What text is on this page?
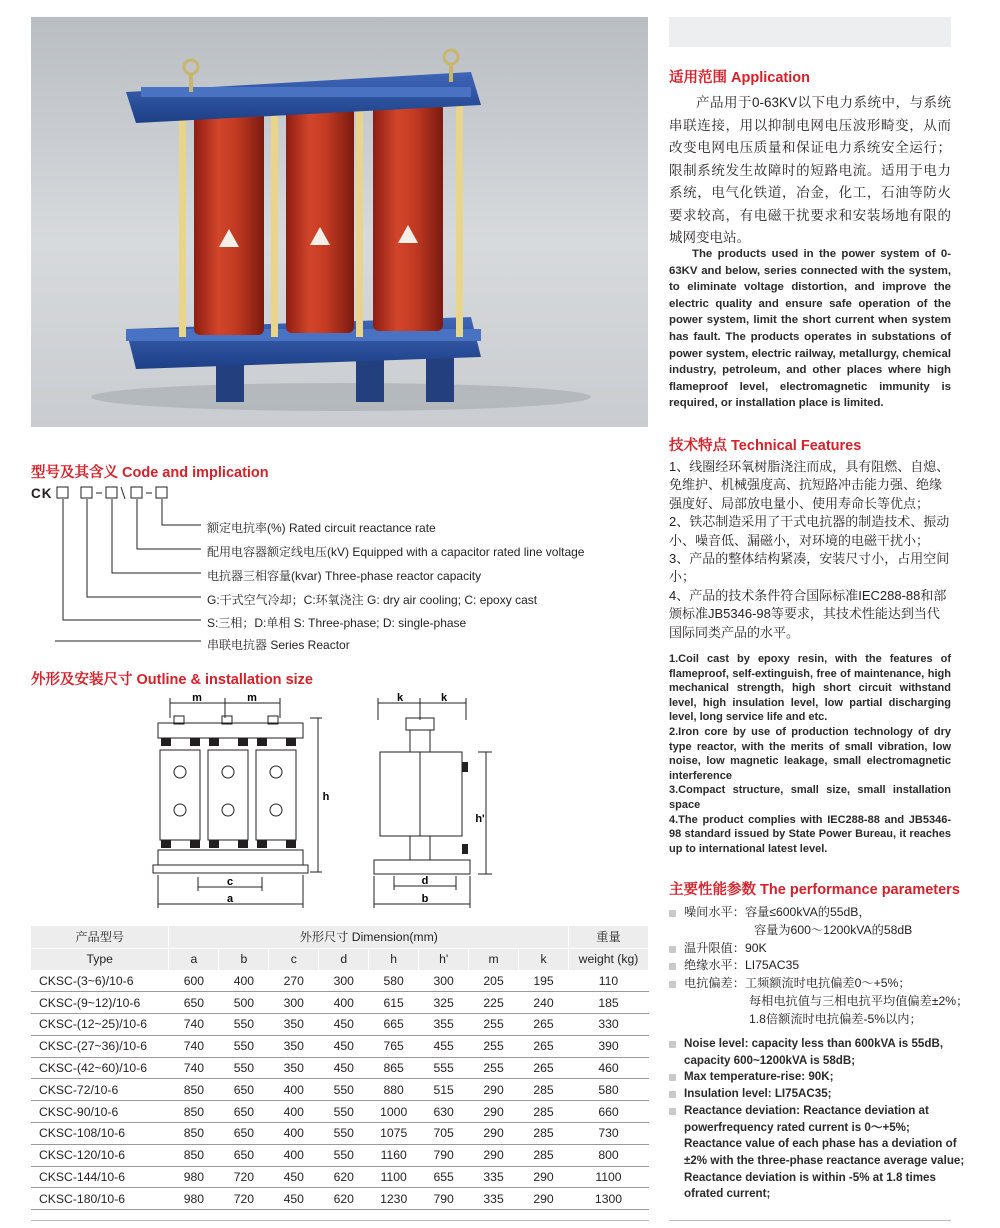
适用范围 Application
产品用于0-63KV以下电力系统中，与系统串联连接，用以抑制电网电压波形畸变，从而改变电网电压质量和保证电力系统安全运行；限制系统发生故障时的短路电流。适用于电力系统，电气化铁道，冶金，化工，石油等防火要求较高，有电磁干扰要求和安装场地有限的城网变电站。
The products used in the power system of 0-63KV and below, series connected with the system, to eliminate voltage distortion, and improve the electric quality and ensure safe operation of the power system, limit the short current when system has fault. The products operates in substations of power system, electric railway, metallurgy, chemical industry, petroleum, and other places where high flameproof level, electromagnetic immunity is required, or installation place is limited.
技术特点 Technical Features

1、线圈经环氧树脂浇注而成，具有阻燃、自熄、免维护、机械强度高、抗短路冲击能力强、绝缘强度好、局部放电量小、使用寿命长等优点；

2、铁芯制造采用了干式电抗器的制造技术、振动小、噪音低、漏磁小，对环境的电磁干扰小；

3、产品的整体结构紧凑，安装尺寸小，占用空间小；

4、产品的技术条件符合国际标准IEC288-88和部颁标准JB5346-98等要求，其技术性能达到当代国际同类产品的水平。

1.Coil cast by epoxy resin, with the features of flameproof, self-extinguish, free of maintenance, high mechanical strength, high short circuit withstand level, high insulation level, low partial discharging level, long service life and etc.

2.Iron core by use of production technology of dry type reactor, with the merits of small vibration, low noise, low magnetic leakage, small electromagnetic interference

3.Compact structure, small size, small installation space

4.The product complies with IEC288-88 and JB5346-98 standard issued by State Power Bureau, it reaches up to international latest level.

主要性能参数 The performance parameters
噪间水平：容量≤600kVA的55dB，
容量为600～1200kVA的58dB
温升限值：90K
绝缘水平：LI75AC35
电抗偏差：工频额流时电抗偏差0～+5%；
每相电抗值与三相电抗平均值偏差±2%；
1.8倍额流时电抗偏差-5%以内；
Noise level: capacity less than 600kVA is 55dB, capacity 600~1200kVA is 58dB;
Max temperature-rise: 90K;
Insulation level: LI75AC35;
Reactance deviation: Reactance deviation at powerfrequency rated current is 0～+5%; Reactance value of each phase has a deviation of ±2% with the three-phase reactance average value; Reactance deviation is within -5% at 1.8 times ofrated current;
型号及其含义 Code and implication
CK
额定电抗率(%) Rated circuit reactance rate
配用电容器额定线电压(kV) Equipped with a capacitor rated line voltage
电抗器三相容量(kvar) Three-phase reactor capacity
G:干式空气冷却；C:环氧浇注 G: dry air cooling; C: epoxy cast
S:三相；D:单相 S: Three-phase; D: single-phase
串联电抗器 Series Reactor
外形及安装尺寸 Outline & installation size
m	m
h
c
a
k	k
h'
d
b
产品型号	外形尺寸 Dimension(mm)								重量
Type	a	b	c	d	h	h'	m	k	weight (kg)
CKSC-(3~6)/10-6	600	400	270	300	580	300	205	195	110
CKSC-(9~12)/10-6	650	500	300	400	615	325	225	240	185
CKSC-(12~25)/10-6	740	550	350	450	665	355	255	265	330
CKSC-(27~36)/10-6	740	550	350	450	765	455	255	265	390
CKSC-(42~60)/10-6	740	550	350	450	865	555	255	265	460
CKSC-72/10-6	850	650	400	550	880	515	290	285	580
CKSC-90/10-6	850	650	400	550	1000	630	290	285	660
CKSC-108/10-6	850	650	400	550	1075	705	290	285	730
CKSC-120/10-6	850	650	400	550	1160	790	290	285	800
CKSC-144/10-6	980	720	450	620	1100	655	335	290	1100
CKSC-180/10-6	980	720	450	620	1230	790	335	290	1300
